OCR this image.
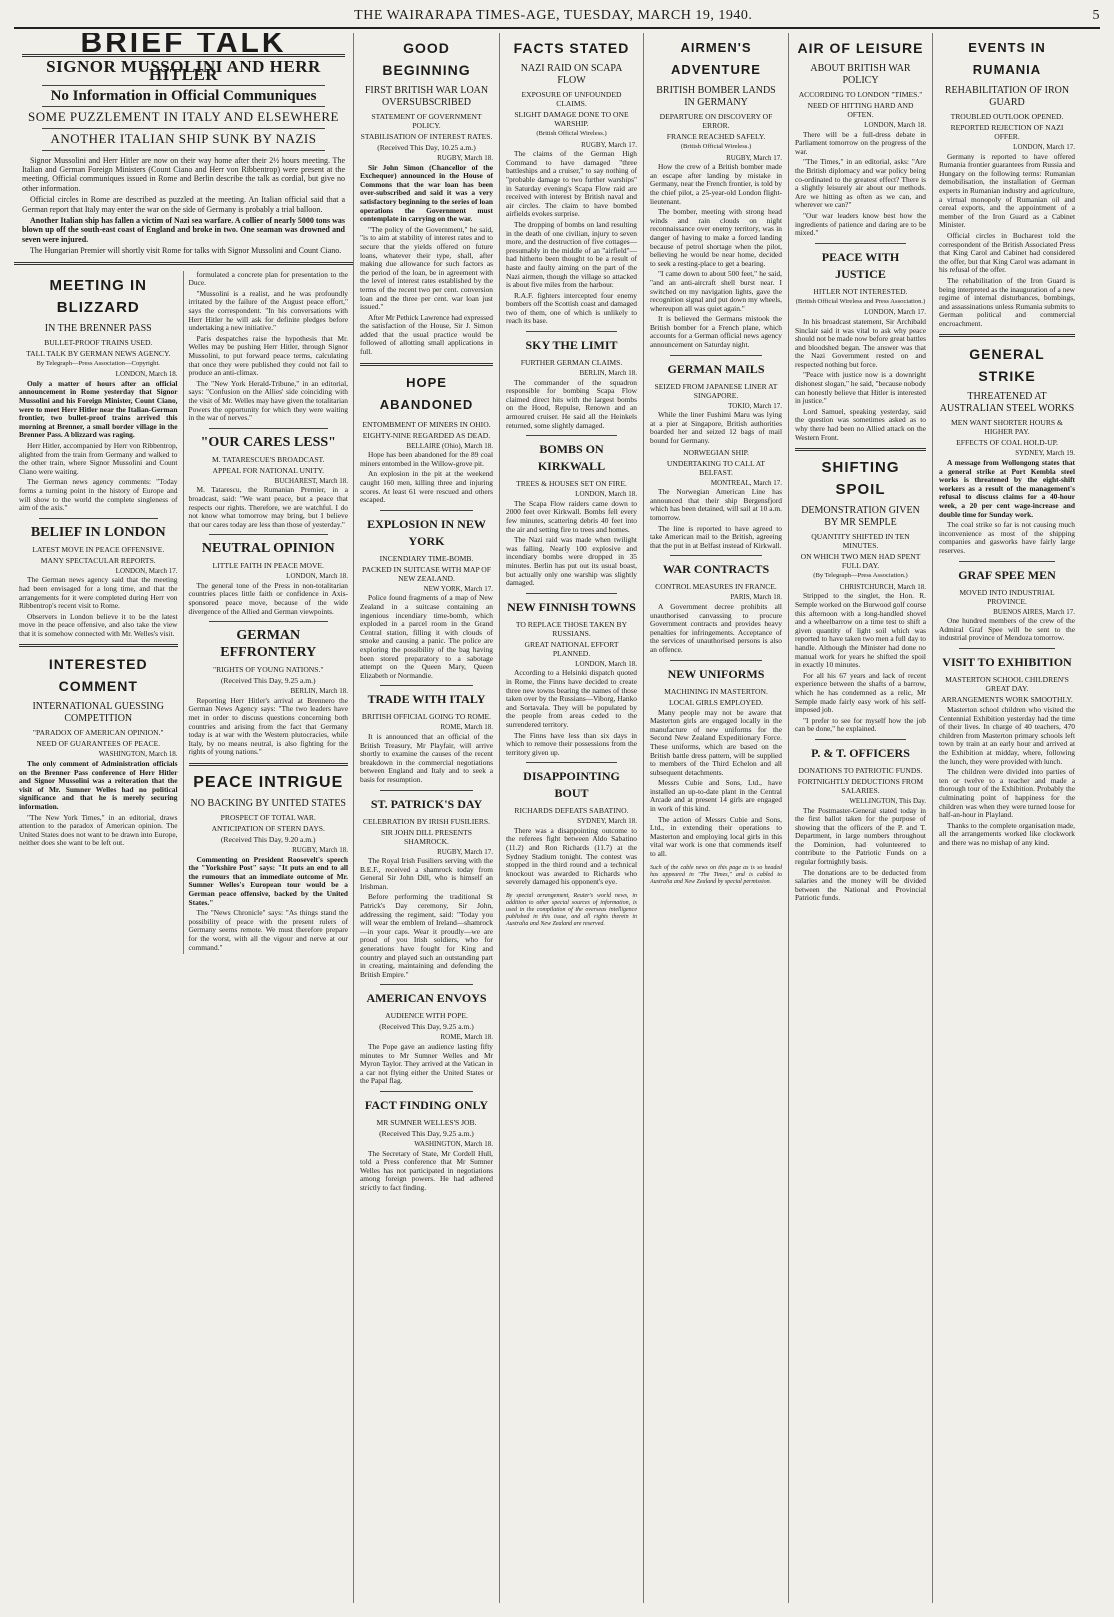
THE WAIRARAPA TIMES-AGE, TUESDAY, MARCH 19, 1940.	5
BRIEF TALK
SIGNOR MUSSOLINI AND HERR HITLER
No Information in Official Communiques
SOME PUZZLEMENT IN ITALY AND ELSEWHERE
ANOTHER ITALIAN SHIP SUNK BY NAZIS

Signor Mussolini and Herr Hitler are now on their way home after their 2½ hours meeting. The Italian and German Foreign Ministers (Count Ciano and Herr von Ribbentrop) were present at the meeting. Official communiques issued in Rome and Berlin describe the talk as cordial, but give no other information.

Official circles in Rome are described as puzzled at the meeting. An Italian official said that a German report that Italy may enter the war on the side of Germany is probably a trial balloon.

Another Italian ship has fallen a victim of Nazi sea warfare. A collier of nearly 5000 tons was blown up off the south-east coast of England and broke in two. One seaman was drowned and seven were injured.

The Hungarian Premier will shortly visit Rome for talks with Signor Mussolini and Count Ciano.

MEETING IN BLIZZARD
IN THE BRENNER PASS
BULLET-PROOF TRAINS USED.
TALL TALK BY GERMAN NEWS AGENCY.
By Telegraph—Press Association—Copyright.
LONDON, March 18.

Only a matter of hours after an official announcement in Rome yesterday that Signor Mussolini and his Foreign Minister, Count Ciano, were to meet Herr Hitler near the Italian-German frontier, two bullet-proof trains arrived this morning at Brenner, a small border village in the Brenner Pass. A blizzard was raging.

Herr Hitler, accompanied by Herr von Ribbentrop, alighted from the train from Germany and walked to the other train, where Signor Mussolini and Count Ciano were waiting.

The German news agency comments: "Today forms a turning point in the history of Europe and will show to the world the complete singleness of aim of the axis."

BELIEF IN LONDON
LATEST MOVE IN PEACE OFFENSIVE.
MANY SPECTACULAR REPORTS.
LONDON, March 17.

The German news agency said that the meeting had been envisaged for a long time, and that the arrangements for it were completed during Herr von Ribbentrop's recent visit to Rome.

Observers in London believe it to be the latest move in the peace offensive, and also take the view that it is somehow connected with Mr. Welles's visit.

INTERESTED COMMENT
INTERNATIONAL GUESSING COMPETITION
"PARADOX OF AMERICAN OPINION."
NEED OF GUARANTEES OF PEACE.
WASHINGTON, March 18.

The only comment of Administration officials on the Brenner Pass conference of Herr Hitler and Signor Mussolini was a reiteration that the visit of Mr. Sumner Welles had no political significance and that he is merely securing information.

"The New York Times," in an editorial, draws attention to the paradox of American opinion. The United States does not want to be drawn into Europe, neither does she want to be left out.

formulated a concrete plan for presentation to the Duce.

"Mussolini is a realist, and he was profoundly irritated by the failure of the August peace effort," says the correspondent. "In his conversations with Herr Hitler he will ask for definite pledges before undertaking a new initiative."

Paris despatches raise the hypothesis that Mr. Welles may be pushing Herr Hitler, through Signor Mussolini, to put forward peace terms, calculating that once they were published they could not fail to produce an anti-climax.

The "New York Herald-Tribune," in an editorial, says: "Confusion on the Allies' side coinciding with the visit of Mr. Welles may have given the totalitarian Powers the opportunity for which they were waiting in the war of nerves."

"OUR CARES LESS"
M. TATARESCUE'S BROADCAST.
APPEAL FOR NATIONAL UNITY.
BUCHAREST, March 18.

M. Tatarescu, the Rumanian Premier, in a broadcast, said: "We want peace, but a peace that respects our rights. Therefore, we are watchful. I do not know what tomorrow may bring, but I believe that our cares today are less than those of yesterday."

NEUTRAL OPINION
LITTLE FAITH IN PEACE MOVE.
LONDON, March 18.

The general tone of the Press in non-totalitarian countries places little faith or confidence in Axis-sponsored peace move, because of the wide divergence of the Allied and German viewpoints.

GERMAN EFFRONTERY
"RIGHTS OF YOUNG NATIONS."
(Received This Day, 9.25 a.m.)
BERLIN, March 18.

Reporting Herr Hitler's arrival at Brennero the German News Agency says: "The two leaders have met in order to discuss questions concerning both countries and arising from the fact that Germany today is at war with the Western plutocracies, while Italy, by no means neutral, is also fighting for the rights of young nations."

PEACE INTRIGUE
NO BACKING BY UNITED STATES
PROSPECT OF TOTAL WAR.
ANTICIPATION OF STERN DAYS.
(Received This Day, 9.20 a.m.)
RUGBY, March 18.

Commenting on President Roosevelt's speech the "Yorkshire Post" says: "It puts an end to all the rumours that an immediate outcome of Mr. Sumner Welles's European tour would be a German peace offensive, backed by the United States."

The "News Chronicle" says: "As things stand the possibility of peace with the present rulers of Germany seems remote. We must therefore prepare for the worst, with all the vigour and nerve at our command."

GOOD BEGINNING
FIRST BRITISH WAR LOAN OVERSUBSCRIBED
STATEMENT OF GOVERNMENT POLICY.
STABILISATION OF INTEREST RATES.
(Received This Day, 10.25 a.m.)
RUGBY, March 18.

Sir John Simon (Chancellor of the Exchequer) announced in the House of Commons that the war loan has been over-subscribed and said it was a very satisfactory beginning to the series of loan operations the Government must contemplate in carrying on the war.

"The policy of the Government," he said, "is to aim at stability of interest rates and to secure that the yields offered on future loans, whatever their type, shall, after making due allowance for such factors as the period of the loan, be in agreement with the level of interest rates established by the terms of the recent two per cent. conversion loan and the three per cent. war loan just issued."

After Mr Pethick Lawrence had expressed the satisfaction of the House, Sir J. Simon added that the usual practice would be followed of allotting small applications in full.

HOPE ABANDONED
ENTOMBMENT OF MINERS IN OHIO.
EIGHTY-NINE REGARDED AS DEAD.
BELLAIRE (Ohio), March 18.

Hope has been abandoned for the 89 coal miners entombed in the Willow-grove pit.

An explosion in the pit at the weekend caught 160 men, killing three and injuring scores. At least 61 were rescued and others escaped.

EXPLOSION IN NEW YORK
INCENDIARY TIME-BOMB.
PACKED IN SUITCASE WITH MAP OF NEW ZEALAND.
NEW YORK, March 17.

Police found fragments of a map of New Zealand in a suitcase containing an ingenious incendiary time-bomb, which exploded in a parcel room in the Grand Central station, filling it with clouds of smoke and causing a panic. The police are exploring the possibility of the bag having been stored preparatory to a sabotage attempt on the Queen Mary, Queen Elizabeth or Normandie.

TRADE WITH ITALY
BRITISH OFFICIAL GOING TO ROME.
ROME, March 18.

It is announced that an official of the British Treasury, Mr Playfair, will arrive shortly to examine the causes of the recent breakdown in the commercial negotiations between England and Italy and to seek a basis for resumption.

ST. PATRICK'S DAY
CELEBRATION BY IRISH FUSILIERS.
SIR JOHN DILL PRESENTS SHAMROCK.
RUGBY, March 17.

The Royal Irish Fusiliers serving with the B.E.F., received a shamrock today from General Sir John Dill, who is himself an Irishman.

Before performing the traditional St Patrick's Day ceremony, Sir John, addressing the regiment, said: "Today you will wear the emblem of Ireland—shamrock—in your caps. Wear it proudly—we are proud of you Irish soldiers, who for generations have fought for King and country and played such an outstanding part in creating, maintaining and defending the British Empire."

AMERICAN ENVOYS
AUDIENCE WITH POPE.
(Received This Day, 9.25 a.m.)
ROME, March 18.

The Pope gave an audience lasting fifty minutes to Mr Sumner Welles and Mr Myron Taylor. They arrived at the Vatican in a car not flying either the United States or the Papal flag.

FACT FINDING ONLY
MR SUMNER WELLES'S JOB.
(Received This Day, 9.25 a.m.)
WASHINGTON, March 18.

The Secretary of State, Mr Cordell Hull, told a Press conference that Mr Sumner Welles has not participated in negotiations among foreign powers. He had adhered strictly to fact finding.

FACTS STATED
NAZI RAID ON SCAPA FLOW
EXPOSURE OF UNFOUNDED CLAIMS.
SLIGHT DAMAGE DONE TO ONE WARSHIP.
(British Official Wireless.)
RUGBY, March 17.

The claims of the German High Command to have damaged "three battleships and a cruiser," to say nothing of "probable damage to two further warships" in Saturday evening's Scapa Flow raid are received with interest by British naval and air circles. The claim to have bombed airfields evokes surprise.

The dropping of bombs on land resulting in the death of one civilian, injury to seven more, and the destruction of five cottages—presumably in the middle of an "airfield"—had hitherto been thought to be a result of haste and faulty aiming on the part of the Nazi airmen, though the village so attacked is about five miles from the harbour.

R.A.F. fighters intercepted four enemy bombers off the Scottish coast and damaged two of them, one of which is unlikely to reach its base.

SKY THE LIMIT
FURTHER GERMAN CLAIMS.
BERLIN, March 18.

The commander of the squadron responsible for bombing Scapa Flow claimed direct hits with the largest bombs on the Hood, Repulse, Renown and an armoured cruiser. He said all the Heinkels returned, some slightly damaged.

BOMBS ON KIRKWALL
TREES & HOUSES SET ON FIRE.
LONDON, March 18.

The Scapa Flow raiders came down to 2000 feet over Kirkwall. Bombs fell every few minutes, scattering debris 40 feet into the air and setting fire to trees and homes.

The Nazi raid was made when twilight was falling. Nearly 100 explosive and incendiary bombs were dropped in 35 minutes. Berlin has put out its usual boast, but actually only one warship was slightly damaged.

NEW FINNISH TOWNS
TO REPLACE THOSE TAKEN BY RUSSIANS.
GREAT NATIONAL EFFORT PLANNED.
LONDON, March 18.

According to a Helsinki dispatch quoted in Rome, the Finns have decided to create three new towns bearing the names of those taken over by the Russians—Viborg, Hanko and Sortavala. They will be populated by the people from areas ceded to the surrendered territory.

The Finns have less than six days in which to remove their possessions from the territory given up.

DISAPPOINTING BOUT
RICHARDS DEFEATS SABATINO.
SYDNEY, March 18.

There was a disappointing outcome to the referees fight between Aldo Sabatino (11.2) and Ron Richards (11.7) at the Sydney Stadium tonight. The contest was stopped in the third round and a technical knockout was awarded to Richards who severely damaged his opponent's eye.

By special arrangement, Reuter's world news, in addition to other special sources of information, is used in the compilation of the overseas intelligence published in this issue, and all rights therein in Australia and New Zealand are reserved.
AIRMEN'S ADVENTURE
BRITISH BOMBER LANDS IN GERMANY
DEPARTURE ON DISCOVERY OF ERROR.
FRANCE REACHED SAFELY.
(British Official Wireless.)
RUGBY, March 17.

How the crew of a British bomber made an escape after landing by mistake in Germany, near the French frontier, is told by the chief pilot, a 25-year-old London flight-lieutenant.

The bomber, meeting with strong head winds and rain clouds on night reconnaissance over enemy territory, was in danger of having to make a forced landing because of petrol shortage when the pilot, believing he would be near home, decided to seek a resting-place to get a bearing.

"I came down to about 500 feet," he said, "and an anti-aircraft shell burst near. I switched on my navigation lights, gave the recognition signal and put down my wheels, whereupon all was quiet again."

It is believed the Germans mistook the British bomber for a French plane, which accounts for a German official news agency announcement on Saturday night.

GERMAN MAILS
SEIZED FROM JAPANESE LINER AT SINGAPORE.
TOKIO, March 17.

While the liner Fushimi Maru was lying at a pier at Singapore, British authorities boarded her and seized 12 bags of mail bound for Germany.

NORWEGIAN SHIP.
UNDERTAKING TO CALL AT BELFAST.
MONTREAL, March 17.

The Norwegian American Line has announced that their ship Bergensfjord which has been detained, will sail at 10 a.m. tomorrow.

The line is reported to have agreed to take American mail to the British, agreeing that the put in at Belfast instead of Kirkwall.

WAR CONTRACTS
CONTROL MEASURES IN FRANCE.
PARIS, March 18.

A Government decree prohibits all unauthorised canvassing to procure Government contracts and provides heavy penalties for infringements. Acceptance of the services of unauthorised persons is also an offence.

NEW UNIFORMS
MACHINING IN MASTERTON.
LOCAL GIRLS EMPLOYED.

Many people may not be aware that Masterton girls are engaged locally in the manufacture of new uniforms for the Second New Zealand Expeditionary Force. These uniforms, which are based on the British battle dress pattern, will be supplied to members of the Third Echelon and all subsequent detachments.

Messrs Cubie and Sons, Ltd., have installed an up-to-date plant in the Central Arcade and at present 14 girls are engaged in work of this kind.

The action of Messrs Cubie and Sons, Ltd., in extending their operations to Masterton and employing local girls in this vital war work is one that commends itself to all.

Such of the cable news on this page as is so headed has appeared in "The Times," and is cabled to Australia and New Zealand by special permission.
AIR OF LEISURE
ABOUT BRITISH WAR POLICY
ACCORDING TO LONDON "TIMES."
NEED OF HITTING HARD AND OFTEN.
LONDON, March 18.

There will be a full-dress debate in Parliament tomorrow on the progress of the war.

"The Times," in an editorial, asks: "Are the British diplomacy and war policy being co-ordinated to the greatest effect? There is a slightly leisurely air about our methods. Are we hitting as often as we can, and wherever we can?"

"Our war leaders know best how the ingredients of patience and daring are to be mixed."

PEACE WITH JUSTICE
HITLER NOT INTERESTED.
(British Official Wireless and Press Association.)
LONDON, March 17.

In his broadcast statement, Sir Archibald Sinclair said it was vital to ask why peace should not be made now before great battles and bloodshed began. The answer was that the Nazi Government rested on and respected nothing but force.

"Peace with justice now is a downright dishonest slogan," he said, "because nobody can honestly believe that Hitler is interested in justice."

Lord Samuel, speaking yesterday, said the question was sometimes asked as to why there had been no Allied attack on the Western Front.

SHIFTING SPOIL
DEMONSTRATION GIVEN BY MR SEMPLE
QUANTITY SHIFTED IN TEN MINUTES.
ON WHICH TWO MEN HAD SPENT FULL DAY.
(By Telegraph—Press Association.)
CHRISTCHURCH, March 18.

Stripped to the singlet, the Hon. R. Semple worked on the Burwood golf course this afternoon with a long-handled shovel and a wheelbarrow on a time test to shift a given quantity of light soil which was reported to have taken two men a full day to handle. Although the Minister had done no manual work for years he shifted the spoil in exactly 10 minutes.

For all his 67 years and lack of recent experience between the shafts of a barrow, which he has condemned as a relic, Mr Semple made fairly easy work of his self-imposed job.

"I prefer to see for myself how the job can be done," he explained.

P. & T. OFFICERS
DONATIONS TO PATRIOTIC FUNDS.
FORTNIGHTLY DEDUCTIONS FROM SALARIES.
WELLINGTON, This Day.

The Postmaster-General stated today in the first ballot taken for the purpose of showing that the officers of the P. and T. Department, in large numbers throughout the Dominion, had volunteered to contribute to the Patriotic Funds on a regular fortnightly basis.

The donations are to be deducted from salaries and the money will be divided between the National and Provincial Patriotic funds.

EVENTS IN RUMANIA
REHABILITATION OF IRON GUARD
TROUBLED OUTLOOK OPENED.
REPORTED REJECTION OF NAZI OFFER.
LONDON, March 17.

Germany is reported to have offered Rumania frontier guarantees from Russia and Hungary on the following terms: Rumanian demobilisation, the installation of German experts in Rumanian industry and agriculture, a virtual monopoly of Rumanian oil and cereal exports, and the appointment of a member of the Iron Guard as a Cabinet Minister.

Official circles in Bucharest told the correspondent of the British Associated Press that King Carol and Cabinet had considered the offer, but that King Carol was adamant in his refusal of the offer.

The rehabilitation of the Iron Guard is being interpreted as the inauguration of a new regime of internal disturbances, bombings, and assassinations unless Rumania submits to German political and commercial encroachment.

GENERAL STRIKE
THREATENED AT AUSTRALIAN STEEL WORKS
MEN WANT SHORTER HOURS & HIGHER PAY.
EFFECTS OF COAL HOLD-UP.
SYDNEY, March 19.

A message from Wollongong states that a general strike at Port Kembla steel works is threatened by the eight-shift workers as a result of the management's refusal to discuss claims for a 40-hour week, a 20 per cent wage-increase and double time for Sunday work.

The coal strike so far is not causing much inconvenience as most of the shipping companies and gasworks have fairly large reserves.

GRAF SPEE MEN
MOVED INTO INDUSTRIAL PROVINCE.
BUENOS AIRES, March 17.

One hundred members of the crew of the Admiral Graf Spee will be sent to the industrial province of Mendoza tomorrow.

VISIT TO EXHIBITION
MASTERTON SCHOOL CHILDREN'S GREAT DAY.
ARRANGEMENTS WORK SMOOTHLY.

Masterton school children who visited the Centennial Exhibition yesterday had the time of their lives. In charge of 40 teachers, 470 children from Masterton primary schools left town by train at an early hour and arrived at the Exhibition at midday, where, following the lunch, they were provided with lunch.

The children were divided into parties of ten or twelve to a teacher and made a thorough tour of the Exhibition. Probably the culminating point of happiness for the children was when they were turned loose for half-an-hour in Playland.

Thanks to the complete organisation made, all the arrangements worked like clockwork and there was no mishap of any kind.
